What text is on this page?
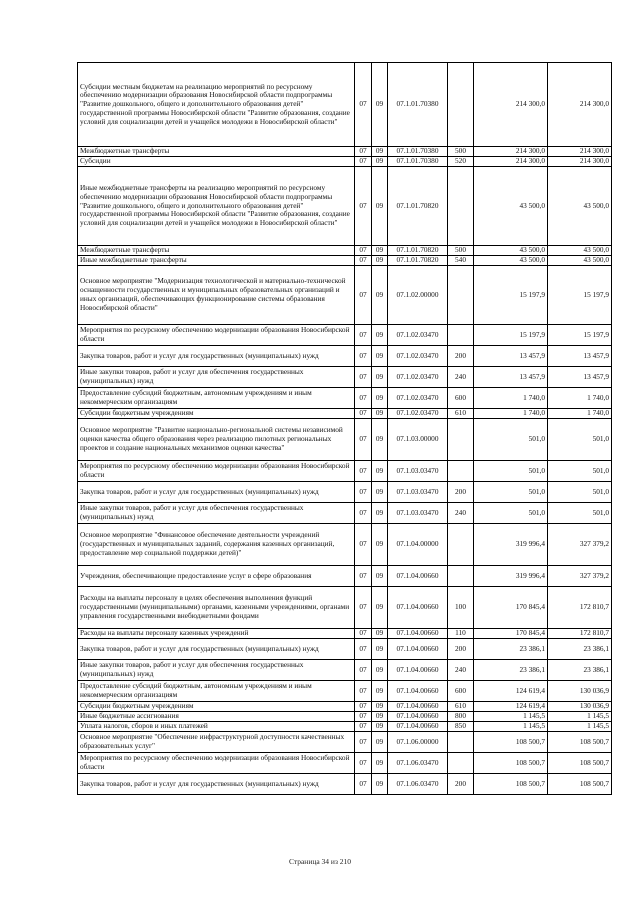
Субсидии местным бюджетам на реализацию мероприятий по ресурсному обеспечению модернизации образования Новосибирской области подпрограммы "Развитие дошкольного, общего и дополнительного образования детей" государственной программы Новосибирской области "Развитие образования, создание условий для социализации детей и учащейся молодежи в Новосибирской области"	07	09	07.1.01.70380		214 300,0	214 300,0
Межбюджетные трансферты	07	09	07.1.01.70380	500	214 300,0	214 300,0
Субсидии	07	09	07.1.01.70380	520	214 300,0	214 300,0
Иные межбюджетные трансферты на реализацию мероприятий по ресурсному обеспечению модернизации образования Новосибирской области подпрограммы "Развитие дошкольного, общего и дополнительного образования детей" государственной программы Новосибирской области "Развитие образования, создание условий для социализации детей и учащейся молодежи в Новосибирской области"	07	09	07.1.01.70820		43 500,0	43 500,0
Межбюджетные трансферты	07	09	07.1.01.70820	500	43 500,0	43 500,0
Иные межбюджетные трансферты	07	09	07.1.01.70820	540	43 500,0	43 500,0
Основное мероприятие "Модернизация технологической и материально-технической оснащенности государственных и муниципальных образовательных организаций и иных организаций, обеспечивающих функционирование системы образования Новосибирской области"	07	09	07.1.02.00000		15 197,9	15 197,9
Мероприятия по ресурсному обеспечению модернизации образования Новосибирской области	07	09	07.1.02.03470		15 197,9	15 197,9
Закупка товаров, работ и услуг для государственных (муниципальных) нужд	07	09	07.1.02.03470	200	13 457,9	13 457,9
Иные закупки товаров, работ и услуг для обеспечения государственных (муниципальных) нужд	07	09	07.1.02.03470	240	13 457,9	13 457,9
Предоставление субсидий бюджетным, автономным учреждениям и иным некоммерческим организациям	07	09	07.1.02.03470	600	1 740,0	1 740,0
Субсидии бюджетным учреждениям	07	09	07.1.02.03470	610	1 740,0	1 740,0
Основное мероприятие "Развитие национально-региональной системы независимой оценки качества общего образования через реализацию пилотных региональных проектов и создание национальных механизмов оценки качества"	07	09	07.1.03.00000		501,0	501,0
Мероприятия по ресурсному обеспечению модернизации образования Новосибирской области	07	09	07.1.03.03470		501,0	501,0
Закупка товаров, работ и услуг для государственных (муниципальных) нужд	07	09	07.1.03.03470	200	501,0	501,0
Иные закупки товаров, работ и услуг для обеспечения государственных (муниципальных) нужд	07	09	07.1.03.03470	240	501,0	501,0
Основное мероприятие "Финансовое обеспечение деятельности учреждений (государственных и муниципальных заданий, содержания казенных организаций, предоставление мер социальной поддержки детей)"	07	09	07.1.04.00000		319 996,4	327 379,2
Учреждения, обеспечивающие предоставление услуг в сфере образования	07	09	07.1.04.00660		319 996,4	327 379,2
Расходы на выплаты персоналу в целях обеспечения выполнения функций государственными (муниципальными) органами, казенными учреждениями, органами управления государственными внебюджетными фондами	07	09	07.1.04.00660	100	170 845,4	172 810,7
Расходы на выплаты персоналу казенных учреждений	07	09	07.1.04.00660	110	170 845,4	172 810,7
Закупка товаров, работ и услуг для государственных (муниципальных) нужд	07	09	07.1.04.00660	200	23 386,1	23 386,1
Иные закупки товаров, работ и услуг для обеспечения государственных (муниципальных) нужд	07	09	07.1.04.00660	240	23 386,1	23 386,1
Предоставление субсидий бюджетным, автономным учреждениям и иным некоммерческим организациям	07	09	07.1.04.00660	600	124 619,4	130 036,9
Субсидии бюджетным учреждениям	07	09	07.1.04.00660	610	124 619,4	130 036,9
Иные бюджетные ассигнования	07	09	07.1.04.00660	800	1 145,5	1 145,5
Уплата налогов, сборов и иных платежей	07	09	07.1.04.00660	850	1 145,5	1 145,5
Основное мероприятие "Обеспечение инфраструктурной доступности качественных образовательных услуг"	07	09	07.1.06.00000		108 500,7	108 500,7
Мероприятия по ресурсному обеспечению модернизации образования Новосибирской области	07	09	07.1.06.03470		108 500,7	108 500,7
Закупка товаров, работ и услуг для государственных (муниципальных) нужд	07	09	07.1.06.03470	200	108 500,7	108 500,7
Страница 34 из 210
